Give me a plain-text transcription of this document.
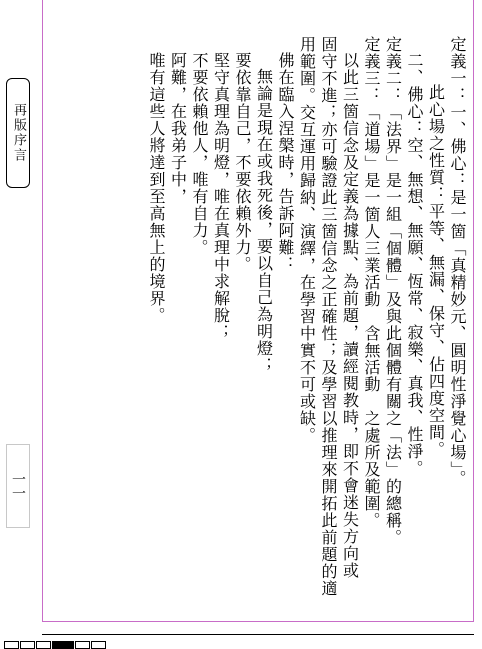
定義一：一、佛心：是一箇「真精妙元、圓明性淨覺心場」。
此心場之性質：平等、無漏、保守、佔四度空間。
二、佛心：空、無想、無願、恆常、寂樂、真我、性淨。
定義二：「法界」是一組「個體」及與此個體有關之「法」的總稱。
定義三：「道場」是一箇人三業活動　含無活動　之處所及範圍。
以此三箇信念及定義為據點、為前題，讀經閱教時，即不會迷失方向或
固守不進；亦可驗證此三箇信念之正確性；及學習以推理來開拓此前題的適
用範圍。交互運用歸納、演繹，在學習中實不可或缺。
佛在臨入涅槃時，告訴阿難：
無論是現在或我死後，要以自己為明燈；
要依靠自己，不要依賴外力。
堅守真理為明燈，唯在真理中求解脫；
不要依賴他人，唯有自力。
阿難，在我弟子中，
唯有這些人將達到至高無上的境界。
再版序言
一一
